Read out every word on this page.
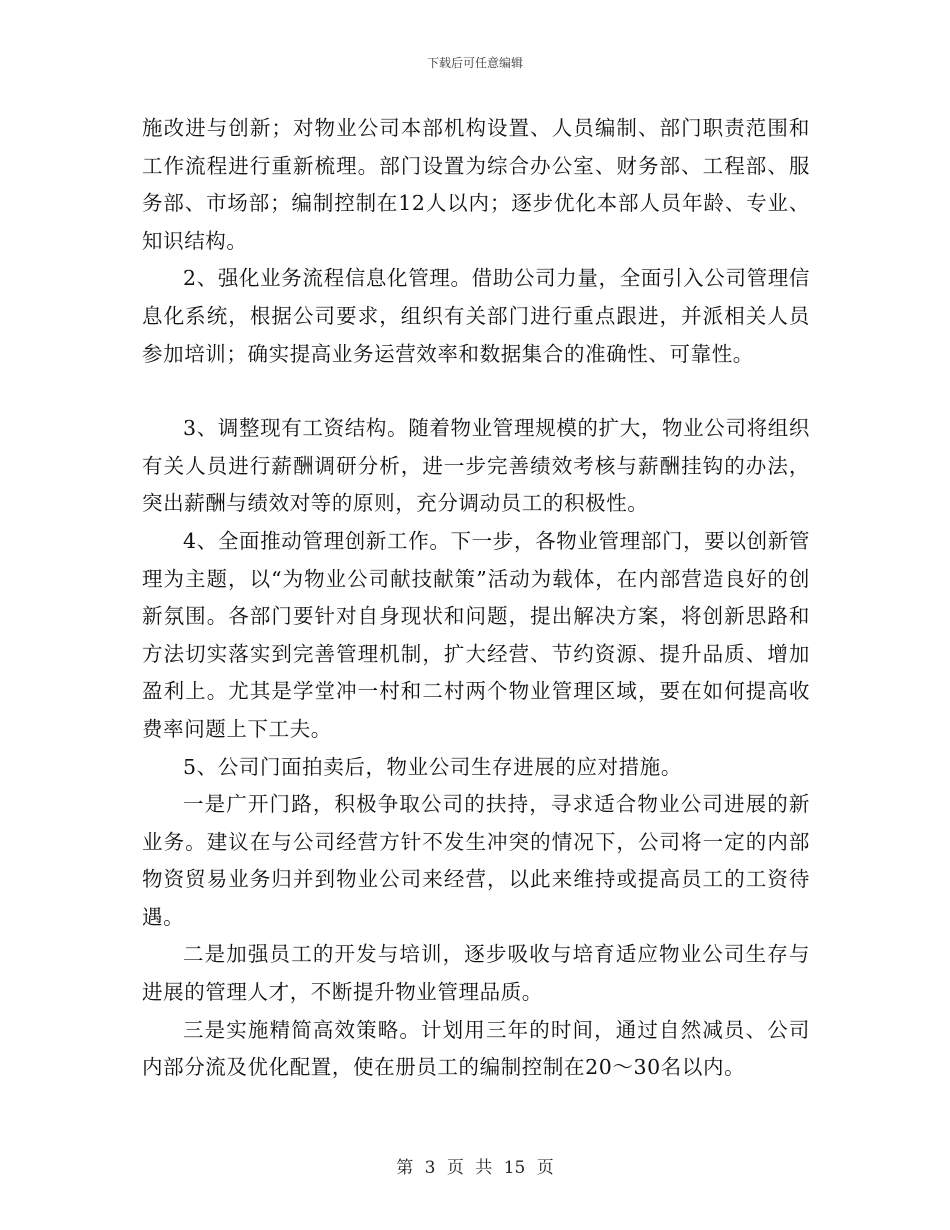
下载后可任意编辑

施改进与创新；对物业公司本部机构设置、人员编制、部门职责范围和工作流程进行重新梳理。部门设置为综合办公室、财务部、工程部、服务部、市场部；编制控制在12人以内；逐步优化本部人员年龄、专业、知识结构。

2、强化业务流程信息化管理。借助公司力量，全面引入公司管理信息化系统，根据公司要求，组织有关部门进行重点跟进，并派相关人员参加培训；确实提高业务运营效率和数据集合的准确性、可靠性。

3、调整现有工资结构。随着物业管理规模的扩大，物业公司将组织有关人员进行薪酬调研分析，进一步完善绩效考核与薪酬挂钩的办法，突出薪酬与绩效对等的原则，充分调动员工的积极性。

4、全面推动管理创新工作。下一步，各物业管理部门，要以创新管理为主题，以“为物业公司献技献策”活动为载体，在内部营造良好的创新氛围。各部门要针对自身现状和问题，提出解决方案，将创新思路和方法切实落实到完善管理机制，扩大经营、节约资源、提升品质、增加盈利上。尤其是学堂冲一村和二村两个物业管理区域，要在如何提高收费率问题上下工夫。

5、公司门面拍卖后，物业公司生存进展的应对措施。

一是广开门路，积极争取公司的扶持，寻求适合物业公司进展的新业务。建议在与公司经营方针不发生冲突的情况下，公司将一定的内部物资贸易业务归并到物业公司来经营，以此来维持或提高员工的工资待遇。

二是加强员工的开发与培训，逐步吸收与培育适应物业公司生存与进展的管理人才，不断提升物业管理品质。

三是实施精简高效策略。计划用三年的时间，通过自然减员、公司内部分流及优化配置，使在册员工的编制控制在20～30名以内。

第 3 页 共 15 页
